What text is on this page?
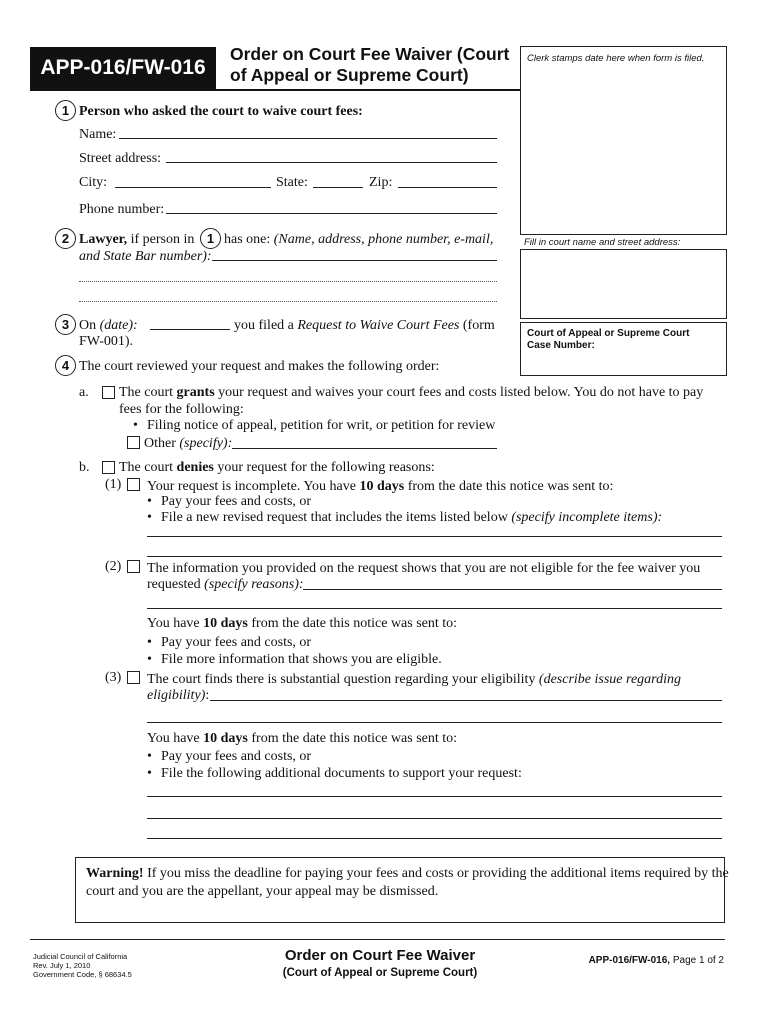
APP-016/FW-016
Order on Court Fee Waiver (Court
of Appeal or Supreme Court)
Clerk stamps date here when form is filed.
Fill in court name and street address:
Court of Appeal or Supreme Court
Case Number:
1 Person who asked the court to waive court fees:
Name:
Street address:
City:	State:	Zip:
Phone number:
2 Lawyer, if person in 1 has one: (Name, address, phone number, e-mail,
and State Bar number):
3 On (date):	you filed a Request to Waive Court Fees (form
FW-001).
4 The court reviewed your request and makes the following order:
a. The court grants your request and waives your court fees and costs listed below. You do not have to pay
fees for the following:
• Filing notice of appeal, petition for writ, or petition for review
Other (specify):
b. The court denies your request for the following reasons:
(1) Your request is incomplete. You have 10 days from the date this notice was sent to:
• Pay your fees and costs, or
• File a new revised request that includes the items listed below (specify incomplete items):
(2) The information you provided on the request shows that you are not eligible for the fee waiver you
requested (specify reasons):
You have 10 days from the date this notice was sent to:
• Pay your fees and costs, or
• File more information that shows you are eligible.
(3) The court finds there is substantial question regarding your eligibility (describe issue regarding
eligibility):
You have 10 days from the date this notice was sent to:
• Pay your fees and costs, or
• File the following additional documents to support your request:
Warning! If you miss the deadline for paying your fees and costs or providing the additional items required by the
court and you are the appellant, your appeal may be dismissed.
Judicial Council of California
Rev. July 1, 2010
Government Code, § 68634.5
Order on Court Fee Waiver
(Court of Appeal or Supreme Court)
APP-016/FW-016, Page 1 of 2
